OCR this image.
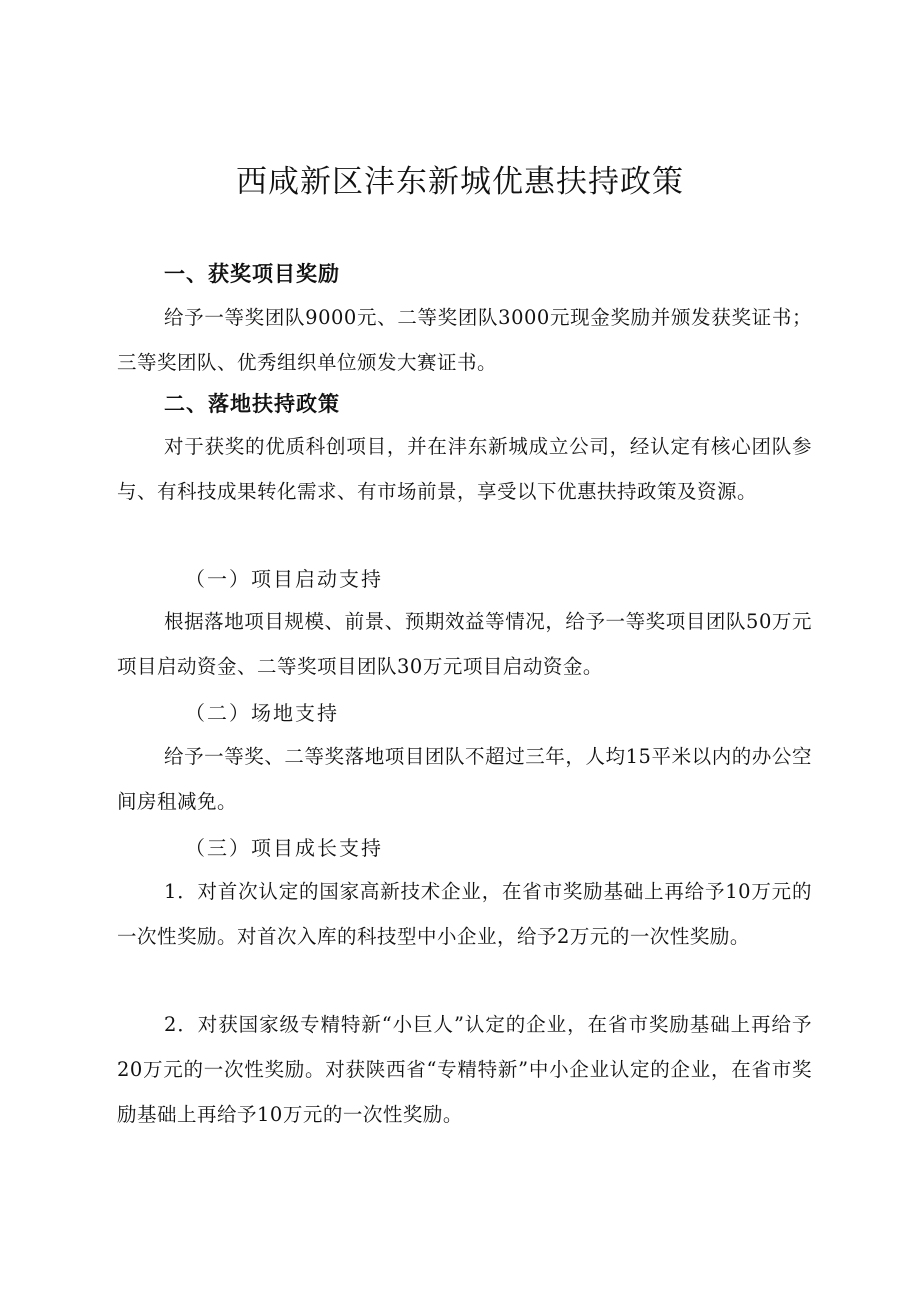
西咸新区沣东新城优惠扶持政策
一、获奖项目奖励
给予一等奖团队9000元、二等奖团队3000元现金奖励并颁发获奖证书；三等奖团队、优秀组织单位颁发大赛证书。
二、落地扶持政策
对于获奖的优质科创项目，并在沣东新城成立公司，经认定有核心团队参与、有科技成果转化需求、有市场前景，享受以下优惠扶持政策及资源。
（一）项目启动支持
根据落地项目规模、前景、预期效益等情况，给予一等奖项目团队50万元项目启动资金、二等奖项目团队30万元项目启动资金。
（二）场地支持
给予一等奖、二等奖落地项目团队不超过三年，人均15平米以内的办公空间房租减免。
（三）项目成长支持
1．对首次认定的国家高新技术企业，在省市奖励基础上再给予10万元的一次性奖励。对首次入库的科技型中小企业，给予2万元的一次性奖励。
2．对获国家级专精特新“小巨人”认定的企业，在省市奖励基础上再给予20万元的一次性奖励。对获陕西省“专精特新”中小企业认定的企业，在省市奖励基础上再给予10万元的一次性奖励。
